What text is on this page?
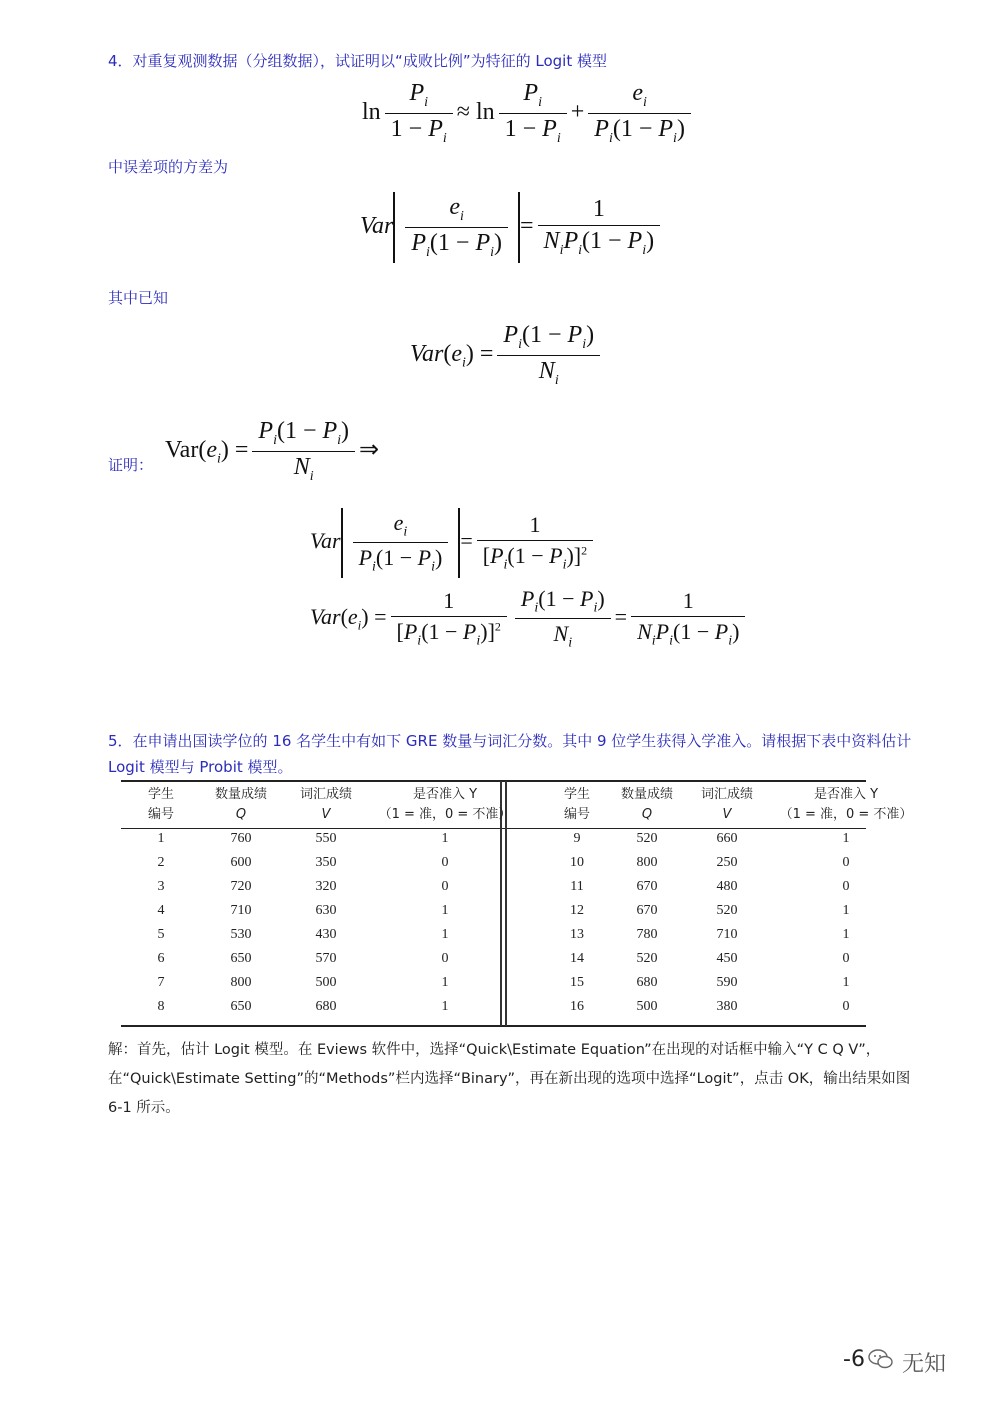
4．对重复观测数据（分组数据），试证明以“成败比例”为特征的 Logit 模型
$\ln \frac{P_i}{1 - P_i} \approx \ln \frac{P_i}{1 - P_i} + \frac{e_i}{P_i(1 - P_i)}$
中误差项的方差为
Var $\frac{e_i}{P_i(1 - P_i)} = \frac{1}{N_iP_i(1 - P_i)}$
其中已知
$Var(e_i) = \frac{P_i(1 - P_i)}{N_i}$
证明：
$Var(e_i) = \frac{P_i(1 - P_i)}{N_i}$ ⇒
Var $\frac{e_i}{P_i(1 - P_i)} = \frac{1}{[P_i(1 - P_i)]^2}$
$Var(e_i) = \frac{1}{[P_i(1 - P_i)]^2} \frac{P_i(1 - P_i)}{N_i} = \frac{1}{N_iP_i(1 - P_i)}$
5．在申请出国读学位的 16 名学生中有如下 GRE 数量与词汇分数。其中 9 位学生获得入学准入。请根据下表中资料估计 Logit 模型与 Probit 模型。
学生
编号	数量成绩
Q	词汇成绩
V	是否准入 Y
（1 = 准，0 = 不准）		学生
编号	数量成绩
Q	词汇成绩
V	是否准入 Y
（1 = 准，0 = 不准）
1	760	550	1		9	520	660	1
2	600	350	0		10	800	250	0
3	720	320	0		11	670	480	0
4	710	630	1		12	670	520	1
5	530	430	1		13	780	710	1
6	650	570	0		14	520	450	0
7	800	500	1		15	680	590	1
8	650	680	1		16	500	380	0
解：首先，估计 Logit 模型。在 Eviews 软件中，选择“Quick\Estimate Equation”在出现的对话框中输入“Y C Q V”，在“Quick\Estimate Setting”的“Methods”栏内选择“Binary”，再在新出现的选项中选择“Logit”，点击 OK，输出结果如图 6-1 所示。
-6 无知
